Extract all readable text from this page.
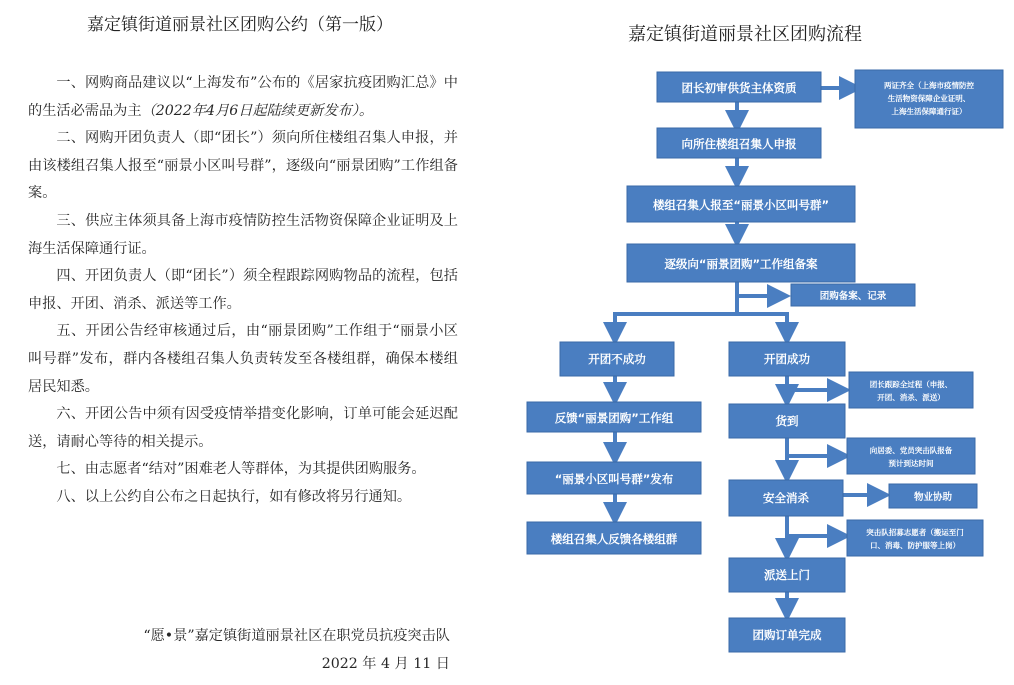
嘉定镇街道丽景社区团购公约（第一版）

一、网购商品建议以“上海发布”公布的《居家抗疫团购汇总》中的生活必需品为主（2022年4月6日起陆续更新发布）。

二、网购开团负责人（即“团长”）须向所住楼组召集人申报，并由该楼组召集人报至“丽景小区叫号群”，逐级向“丽景团购”工作组备案。

三、供应主体须具备上海市疫情防控生活物资保障企业证明及上海生活保障通行证。

四、开团负责人（即“团长”）须全程跟踪网购物品的流程，包括申报、开团、消杀、派送等工作。

五、开团公告经审核通过后，由“丽景团购”工作组于“丽景小区叫号群”发布，群内各楼组召集人负责转发至各楼组群，确保本楼组居民知悉。

六、开团公告中须有因受疫情举措变化影响，订单可能会延迟配送，请耐心等待的相关提示。

七、由志愿者“结对”困难老人等群体，为其提供团购服务。

八、以上公约自公布之日起执行，如有修改将另行通知。

“愿•景”嘉定镇街道丽景社区在职党员抗疫突击队
2022 年 4 月 11 日
嘉定镇街道丽景社区团购流程
团长初审供货主体资质	两证齐全（上海市疫情防控
生活物资保障企业证明、
上海生活保障通行证）
向所住楼组召集人申报
楼组召集人报至“丽景小区叫号群”
逐级向“丽景团购”工作组备案
团购备案、记录
开团不成功
反馈“丽景团购”工作组
“丽景小区叫号群”发布
楼组召集人反馈各楼组群
开团成功
团长跟踪全过程（申报、
开团、消杀、派送）
货到
向居委、党员突击队报备
预计到达时间
安全消杀	物业协助
突击队招募志愿者（搬运至门
口、消毒、防护服等上岗）
派送上门
团购订单完成
